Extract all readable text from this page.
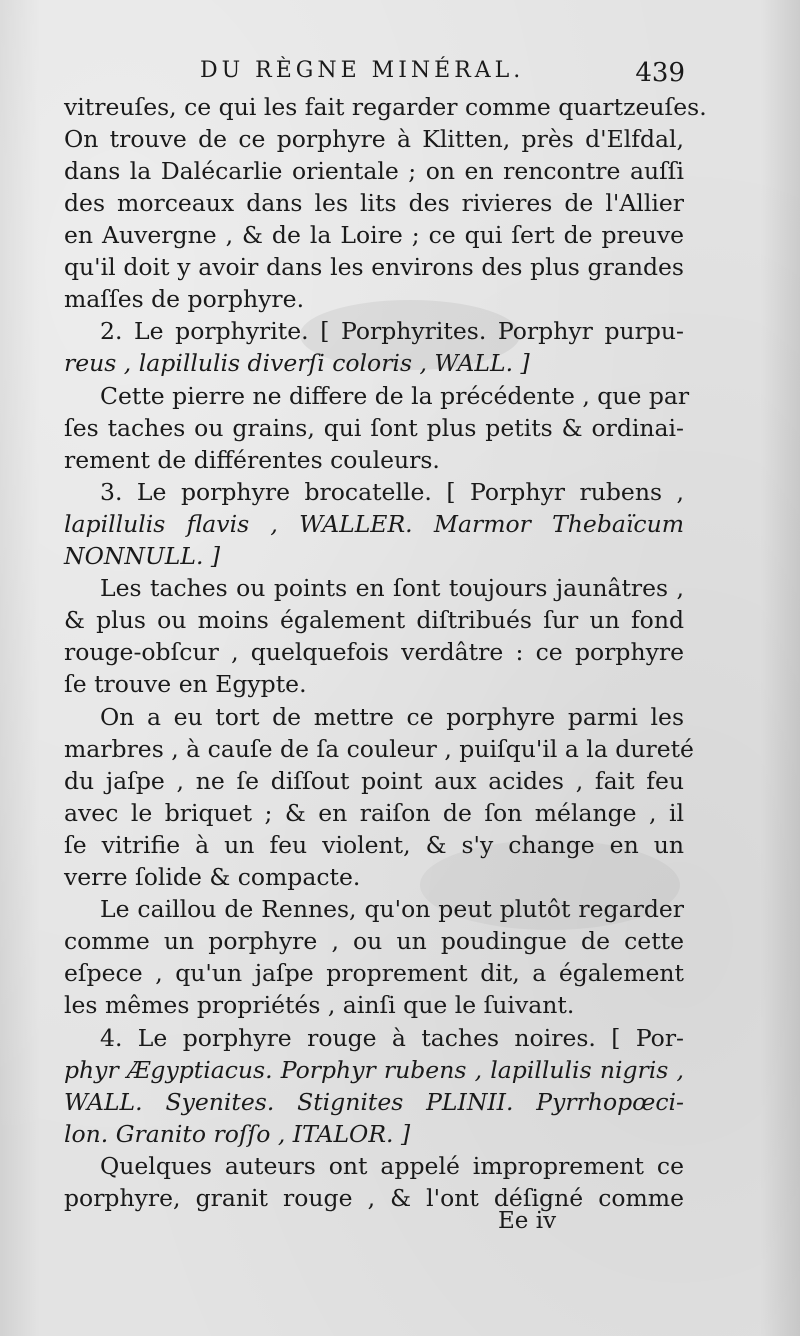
DU RÈGNE MINÉRAL.	439
vitreuſes, ce qui les fait regarder comme quartzeuſes.
On trouve de ce porphyre à Klitten, près d'Elfdal,
dans la Dalécarlie orientale ; on en rencontre auſſi
des morceaux dans les lits des rivieres de l'Allier
en Auvergne , & de la Loire ; ce qui ſert de preuve
qu'il doit y avoir dans les environs des plus grandes
maſſes de porphyre.
2. Le porphyrite. [ Porphyrites. Porphyr purpu-
reus , lapillulis diverſi coloris , WALL. ]
Cette pierre ne differe de la précédente , que par
ſes taches ou grains, qui ſont plus petits & ordinai-
rement de différentes couleurs.
3. Le porphyre brocatelle. [ Porphyr rubens ,
lapillulis flavis , WALLER. Marmor Thebaïcum
NONNULL. ]
Les taches ou points en ſont toujours jaunâtres ,
& plus ou moins également diſtribués ſur un fond
rouge-obſcur , quelquefois verdâtre : ce porphyre
ſe trouve en Egypte.
On a eu tort de mettre ce porphyre parmi les
marbres , à cauſe de ſa couleur , puiſqu'il a la dureté
du jaſpe , ne ſe diſſout point aux acides , fait feu
avec le briquet ; & en raiſon de ſon mélange , il
ſe vitrifie à un feu violent, & s'y change en un
verre ſolide & compacte.
Le caillou de Rennes, qu'on peut plutôt regarder
comme un porphyre , ou un poudingue de cette
eſpece , qu'un jaſpe proprement dit, a également
les mêmes propriétés , ainſi que le ſuivant.
4. Le porphyre rouge à taches noires. [ Por-
phyr Ægyptiacus. Porphyr rubens , lapillulis nigris ,
WALL. Syenites. Stignites PLINII. Pyrrhopœci-
lon. Granito roſſo , ITALOR. ]
Quelques auteurs ont appelé improprement ce
porphyre, granit rouge , & l'ont déſigné comme
Ee iv
